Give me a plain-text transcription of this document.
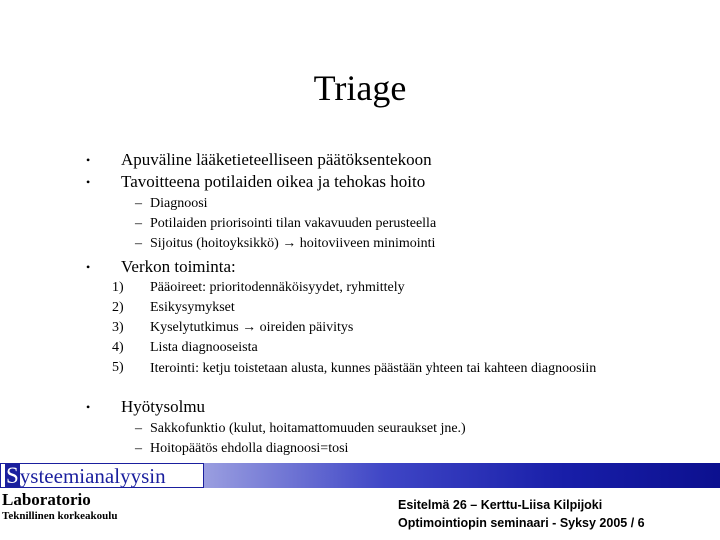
Triage
• Apuväline lääketieteelliseen päätöksentekoon
• Tavoitteena potilaiden oikea ja tehokas hoito
– Diagnoosi
– Potilaiden priorisointi tilan vakavuuden perusteella
– Sijoitus (hoitoyksikkö) → hoitoviiveen minimointi
• Verkon toiminta:
1)	Pääoireet: prioritodennäköisyydet, ryhmittely
2)	Esikysymykset
3)	Kyselytutkimus → oireiden päivitys
4)	Lista diagnooseista
5)	Iterointi: ketju toistetaan alusta, kunnes päästään yhteen tai kahteen diagnoosiin
• Hyötysolmu
– Sakkofunktio (kulut, hoitamattomuuden seuraukset jne.)
– Hoitopäätös ehdolla diagnoosi=tosi
Systeemianalyysin
Laboratorio
Teknillinen korkeakoulu
Esitelmä 26 – Kerttu-Liisa Kilpijoki
Optimointiopin seminaari - Syksy 2005 / 6
